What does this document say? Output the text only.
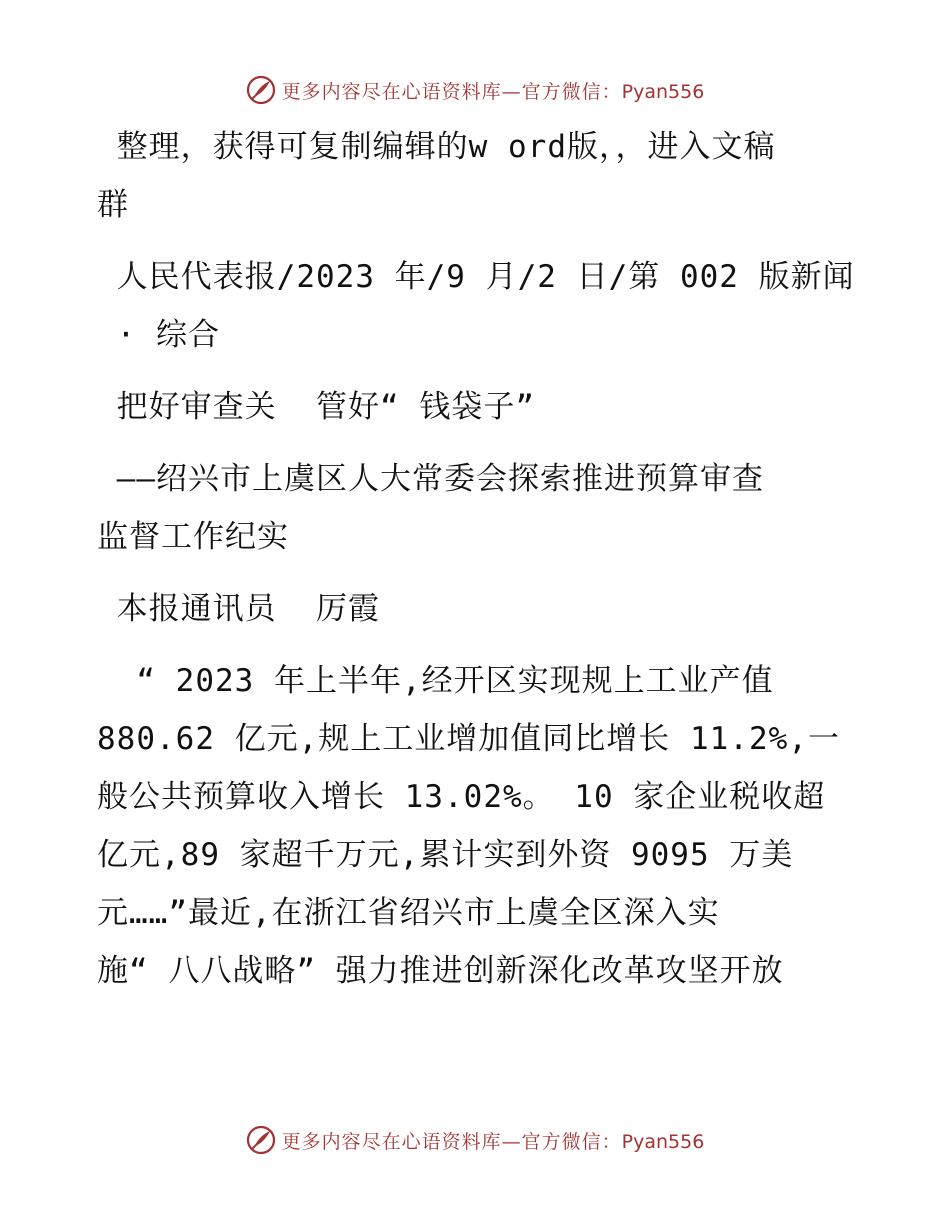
更多内容尽在心语资料库—官方微信：Pyan556
整理，获得可复制编辑的w ord版，，进入文稿
群
人民代表报/2023 年/9 月/2 日/第 002 版新闻
· 综合
把好审查关  管好“ 钱袋子”
——绍兴市上虞区人大常委会探索推进预算审查
监督工作纪实
本报通讯员  厉霞
“ 2023 年上半年,经开区实现规上工业产值
880.62 亿元,规上工业增加值同比增长 11.2%,一
般公共预算收入增长 13.02%。 10 家企业税收超
亿元,89 家超千万元,累计实到外资 9095 万美
元……”最近,在浙江省绍兴市上虞全区深入实
施“ 八八战略” 强力推进创新深化改革攻坚开放
更多内容尽在心语资料库—官方微信：Pyan556
